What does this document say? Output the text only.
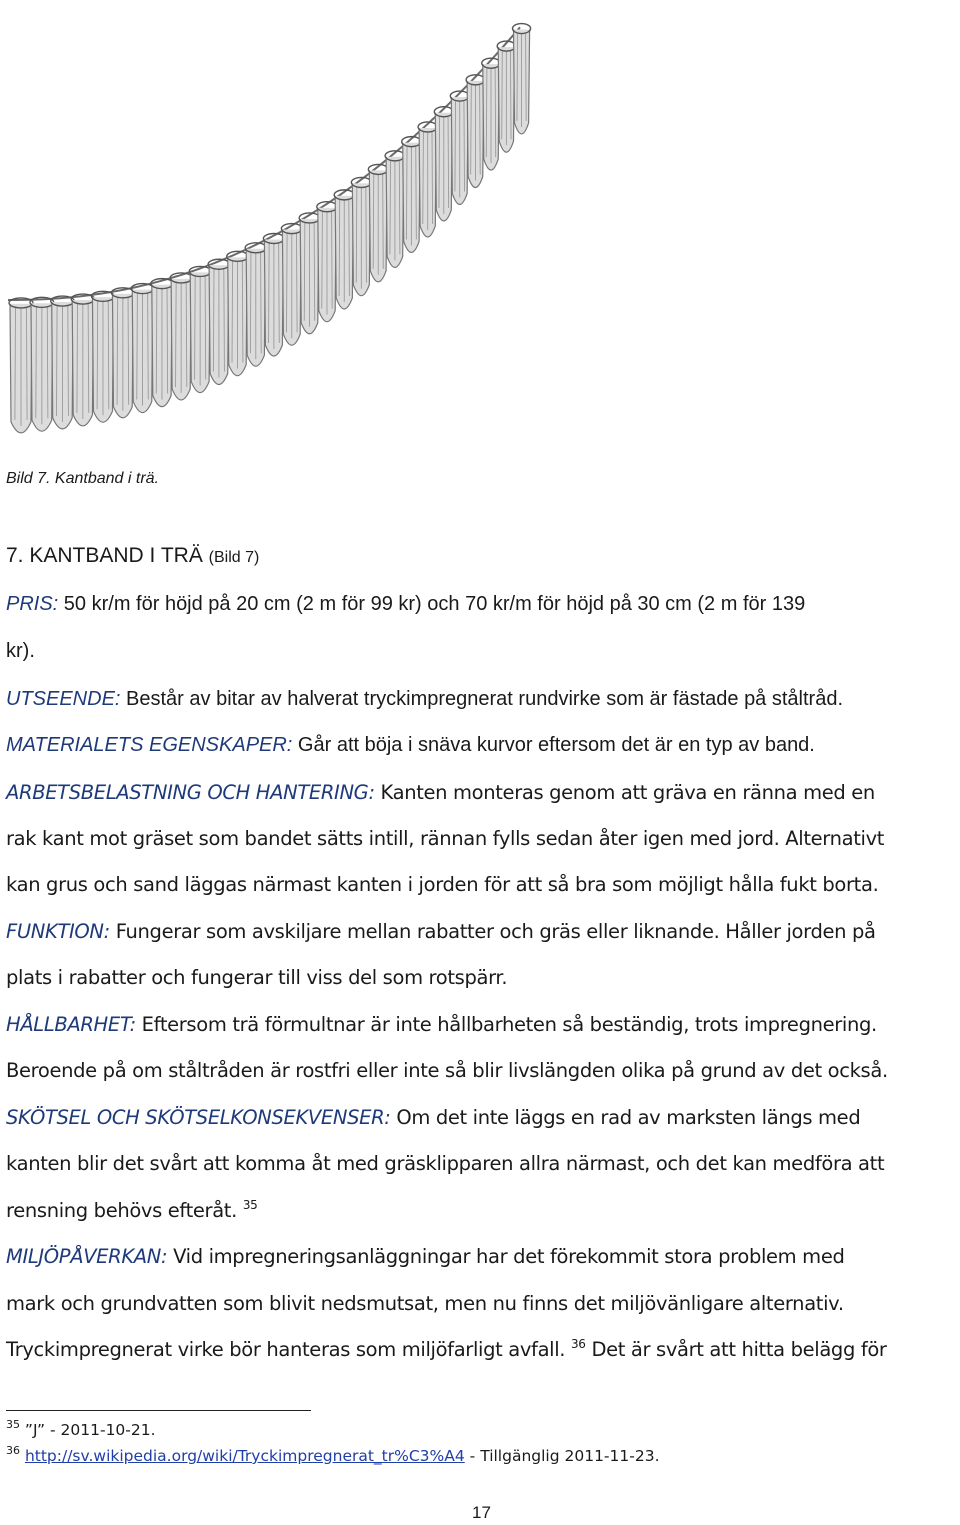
Bild 7. Kantband i trä.
7. KANTBAND I TRÄ (Bild 7)
PRIS: 50 kr/m för höjd på 20 cm (2 m för 99 kr) och 70 kr/m för höjd på 30 cm (2 m för 139
kr).
UTSEENDE: Består av bitar av halverat tryckimpregnerat rundvirke som är fästade på ståltråd.
MATERIALETS EGENSKAPER: Går att böja i snäva kurvor eftersom det är en typ av band.
ARBETSBELASTNING OCH HANTERING: Kanten monteras genom att gräva en ränna med en
rak kant mot gräset som bandet sätts intill, rännan fylls sedan åter igen med jord. Alternativt
kan grus och sand läggas närmast kanten i jorden för att så bra som möjligt hålla fukt borta.
FUNKTION: Fungerar som avskiljare mellan rabatter och gräs eller liknande. Håller jorden på
plats i rabatter och fungerar till viss del som rotspärr.
HÅLLBARHET: Eftersom trä förmultnar är inte hållbarheten så beständig, trots impregnering.
Beroende på om ståltråden är rostfri eller inte så blir livslängden olika på grund av det också.
SKÖTSEL OCH SKÖTSELKONSEKVENSER: Om det inte läggs en rad av marksten längs med
kanten blir det svårt att komma åt med gräsklipparen allra närmast, och det kan medföra att
rensning behövs efteråt. $^{35}$
MILJÖPÅVERKAN: Vid impregneringsanläggningar har det förekommit stora problem med
mark och grundvatten som blivit nedsmutsat, men nu finns det miljövänligare alternativ.
Tryckimpregnerat virke bör hanteras som miljöfarligt avfall. $^{36}$ Det är svårt att hitta belägg för
$^{35}$ ”J” - 2011-10-21.
$^{36}$ http://sv.wikipedia.org/wiki/Tryckimpregnerat_tr%C3%A4 - Tillgänglig 2011-11-23.
17
